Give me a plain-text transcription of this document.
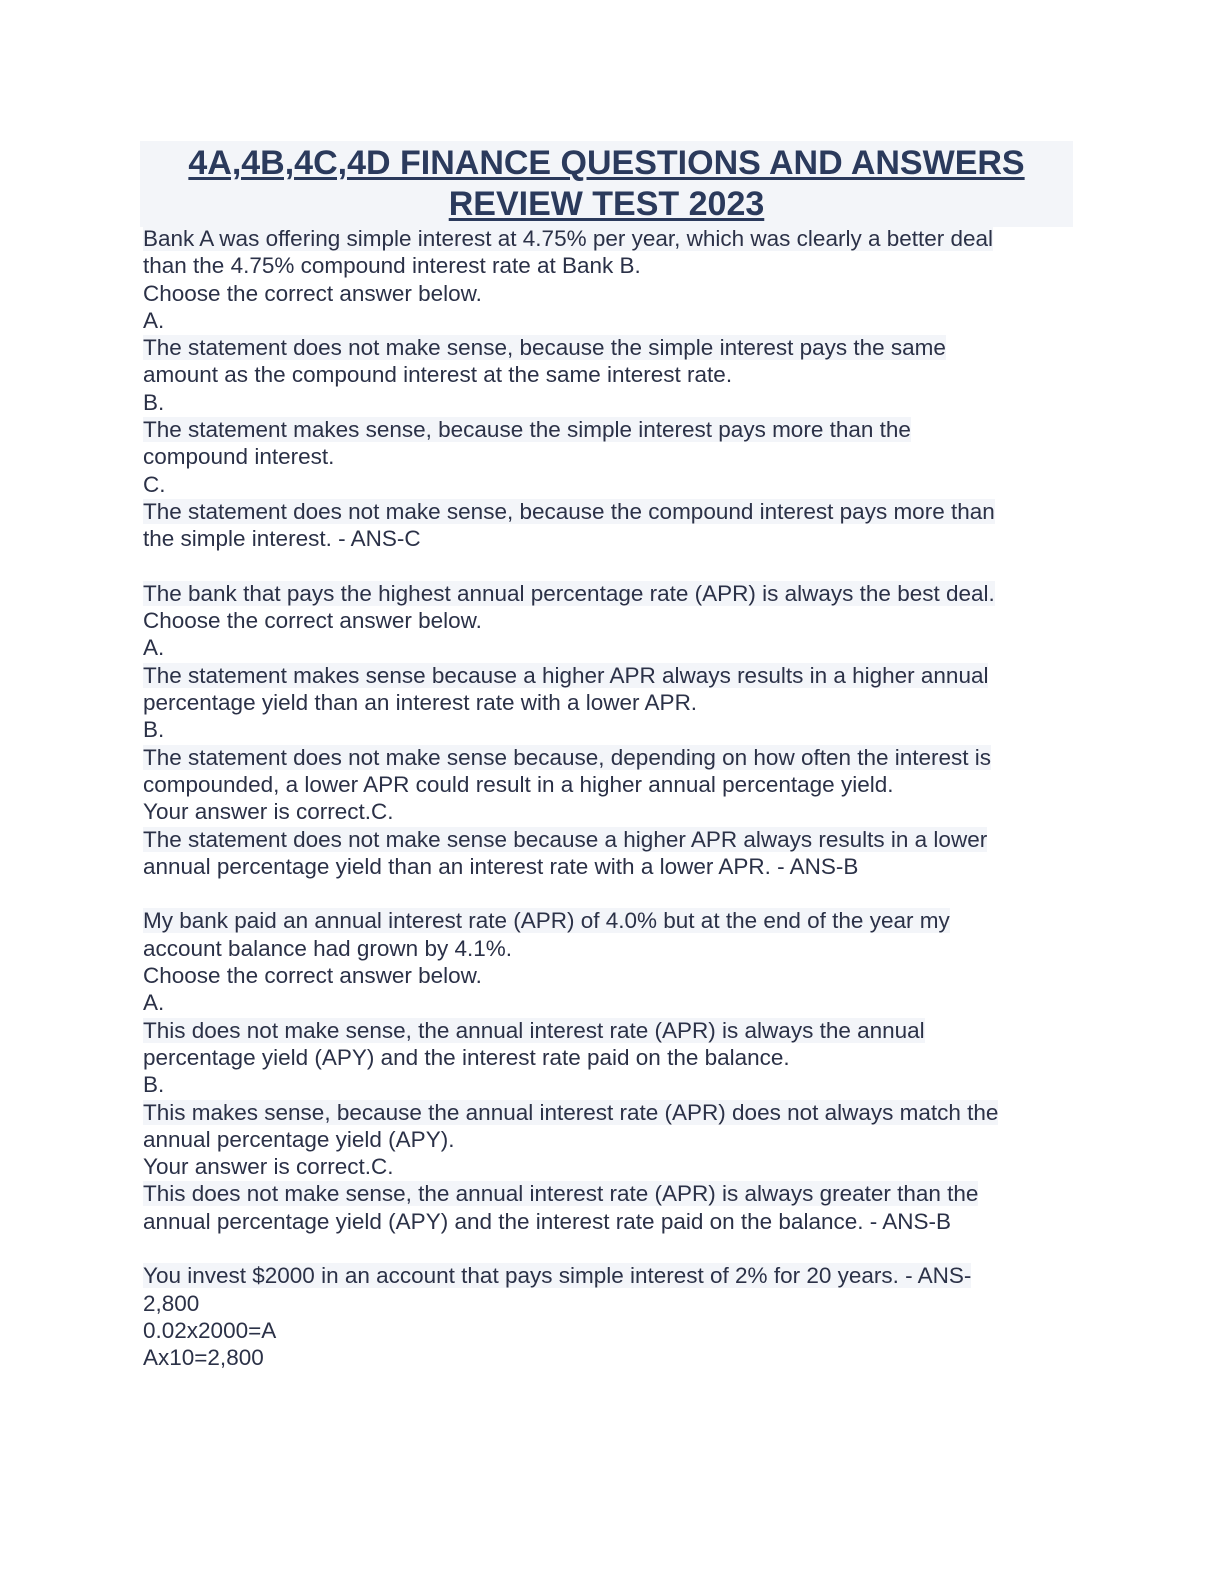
4A,4B,4C,4D FINANCE QUESTIONS AND ANSWERS
REVIEW TEST 2023
Bank A was offering simple interest at 4.75% per year, which was clearly a better deal
than the 4.75% compound interest rate at Bank B.
Choose the correct answer below.
A.
The statement does not make sense, because the simple interest pays the same
amount as the compound interest at the same interest rate.
B.
The statement makes sense, because the simple interest pays more than the
compound interest.
C.
The statement does not make sense, because the compound interest pays more than
the simple interest. - ANS-C
The bank that pays the highest annual percentage rate (APR) is always the best deal.
Choose the correct answer below.
A.
The statement makes sense because a higher APR always results in a higher annual
percentage yield than an interest rate with a lower APR.
B.
The statement does not make sense because, depending on how often the interest is
compounded, a lower APR could result in a higher annual percentage yield.
Your answer is correct.C.
The statement does not make sense because a higher APR always results in a lower
annual percentage yield than an interest rate with a lower APR. - ANS-B
My bank paid an annual interest rate (APR) of 4.0% but at the end of the year my
account balance had grown by 4.1%.
Choose the correct answer below.
A.
This does not make sense, the annual interest rate (APR) is always the annual
percentage yield (APY) and the interest rate paid on the balance.
B.
This makes sense, because the annual interest rate (APR) does not always match the
annual percentage yield (APY).
Your answer is correct.C.
This does not make sense, the annual interest rate (APR) is always greater than the
annual percentage yield (APY) and the interest rate paid on the balance. - ANS-B
You invest $2000 in an account that pays simple interest of 2% for 20 years. - ANS-
2,800
0.02x2000=A
Ax10=2,800
